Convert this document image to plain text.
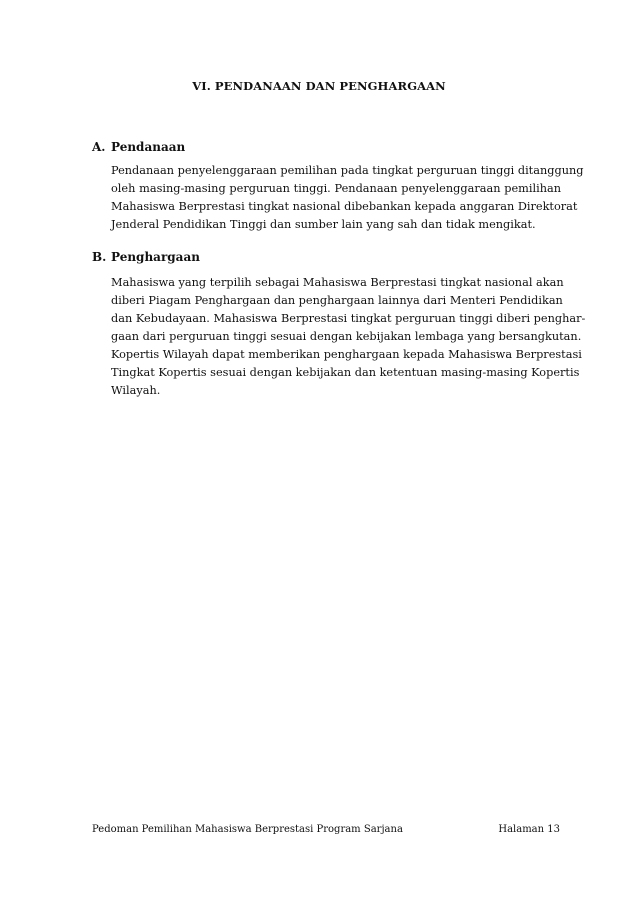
VI. PENDANAAN DAN PENGHARGAAN
A. Pendanaan
Pendanaan penyelenggaraan pemilihan pada tingkat perguruan tinggi ditanggung
oleh masing-masing perguruan tinggi. Pendanaan penyelenggaraan pemilihan
Mahasiswa Berprestasi tingkat nasional dibebankan kepada anggaran Direktorat
Jenderal Pendidikan Tinggi dan sumber lain yang sah dan tidak mengikat.
B. Penghargaan
Mahasiswa yang terpilih sebagai Mahasiswa Berprestasi tingkat nasional akan
diberi Piagam Penghargaan dan penghargaan lainnya dari Menteri Pendidikan
dan Kebudayaan. Mahasiswa Berprestasi tingkat perguruan tinggi diberi penghar-
gaan dari perguruan tinggi sesuai dengan kebijakan lembaga yang bersangkutan.
Kopertis Wilayah dapat memberikan penghargaan kepada Mahasiswa Berprestasi
Tingkat Kopertis sesuai dengan kebijakan dan ketentuan masing-masing Kopertis
Wilayah.
Pedoman Pemilihan Mahasiswa Berprestasi Program Sarjana	Halaman 13
